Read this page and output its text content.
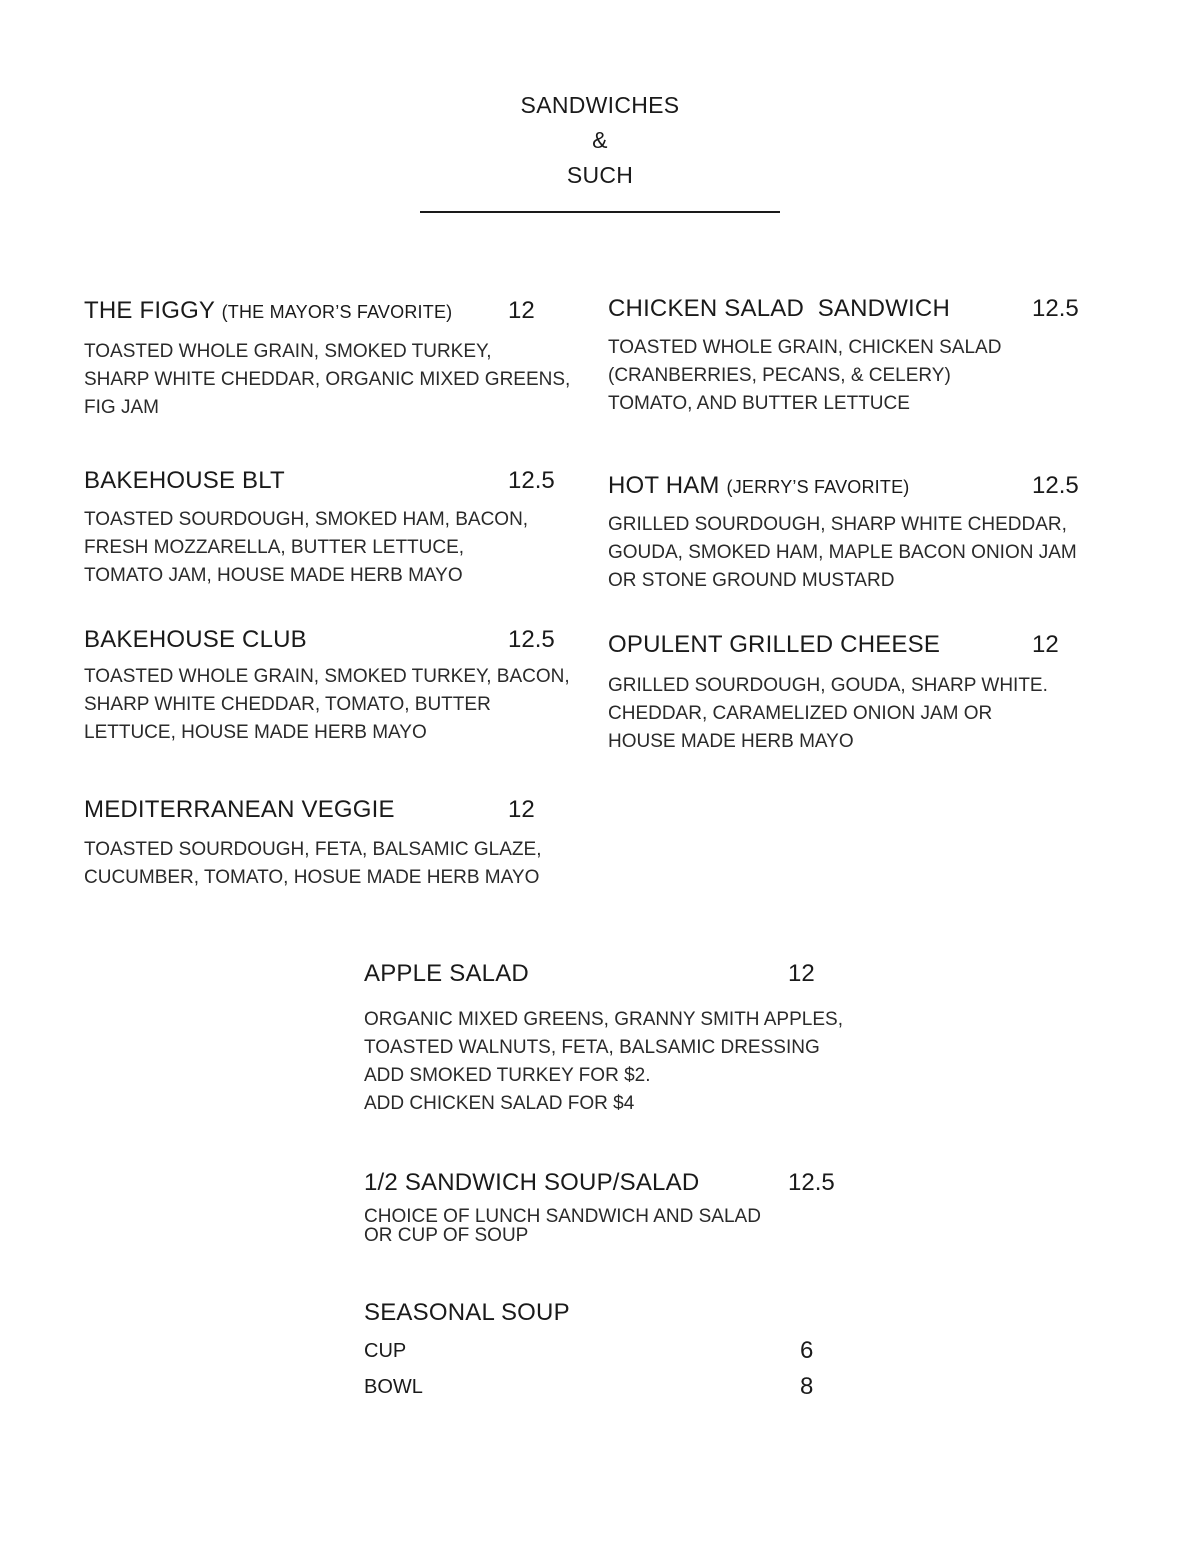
SANDWICHES
&
SUCH
THE FIGGY (THE MAYOR’S FAVORITE) 12
TOASTED WHOLE GRAIN, SMOKED TURKEY,
SHARP WHITE CHEDDAR, ORGANIC MIXED GREENS,
FIG JAM
CHICKEN SALAD  SANDWICH	12.5
TOASTED WHOLE GRAIN, CHICKEN SALAD
(CRANBERRIES, PECANS, & CELERY)
TOMATO, AND BUTTER LETTUCE
BAKEHOUSE BLT	12.5
TOASTED SOURDOUGH, SMOKED HAM, BACON,
FRESH MOZZARELLA, BUTTER LETTUCE,
TOMATO JAM, HOUSE MADE HERB MAYO
HOT HAM (JERRY’S FAVORITE)	12.5
GRILLED SOURDOUGH, SHARP WHITE CHEDDAR,
GOUDA, SMOKED HAM, MAPLE BACON ONION JAM
OR STONE GROUND MUSTARD
BAKEHOUSE CLUB	12.5
TOASTED WHOLE GRAIN, SMOKED TURKEY, BACON,
SHARP WHITE CHEDDAR, TOMATO, BUTTER
LETTUCE, HOUSE MADE HERB MAYO
OPULENT GRILLED CHEESE	12
GRILLED SOURDOUGH, GOUDA, SHARP WHITE.
CHEDDAR, CARAMELIZED ONION JAM OR
HOUSE MADE HERB MAYO
MEDITERRANEAN VEGGIE	12
TOASTED SOURDOUGH, FETA, BALSAMIC GLAZE,
CUCUMBER, TOMATO, HOSUE MADE HERB MAYO
APPLE SALAD	12
ORGANIC MIXED GREENS, GRANNY SMITH APPLES,
TOASTED WALNUTS, FETA, BALSAMIC DRESSING
ADD SMOKED TURKEY FOR $2.
ADD CHICKEN SALAD FOR $4
1/2 SANDWICH SOUP/SALAD	12.5
CHOICE OF LUNCH SANDWICH AND SALAD
OR CUP OF SOUP
SEASONAL SOUP
CUP	6
BOWL	8
